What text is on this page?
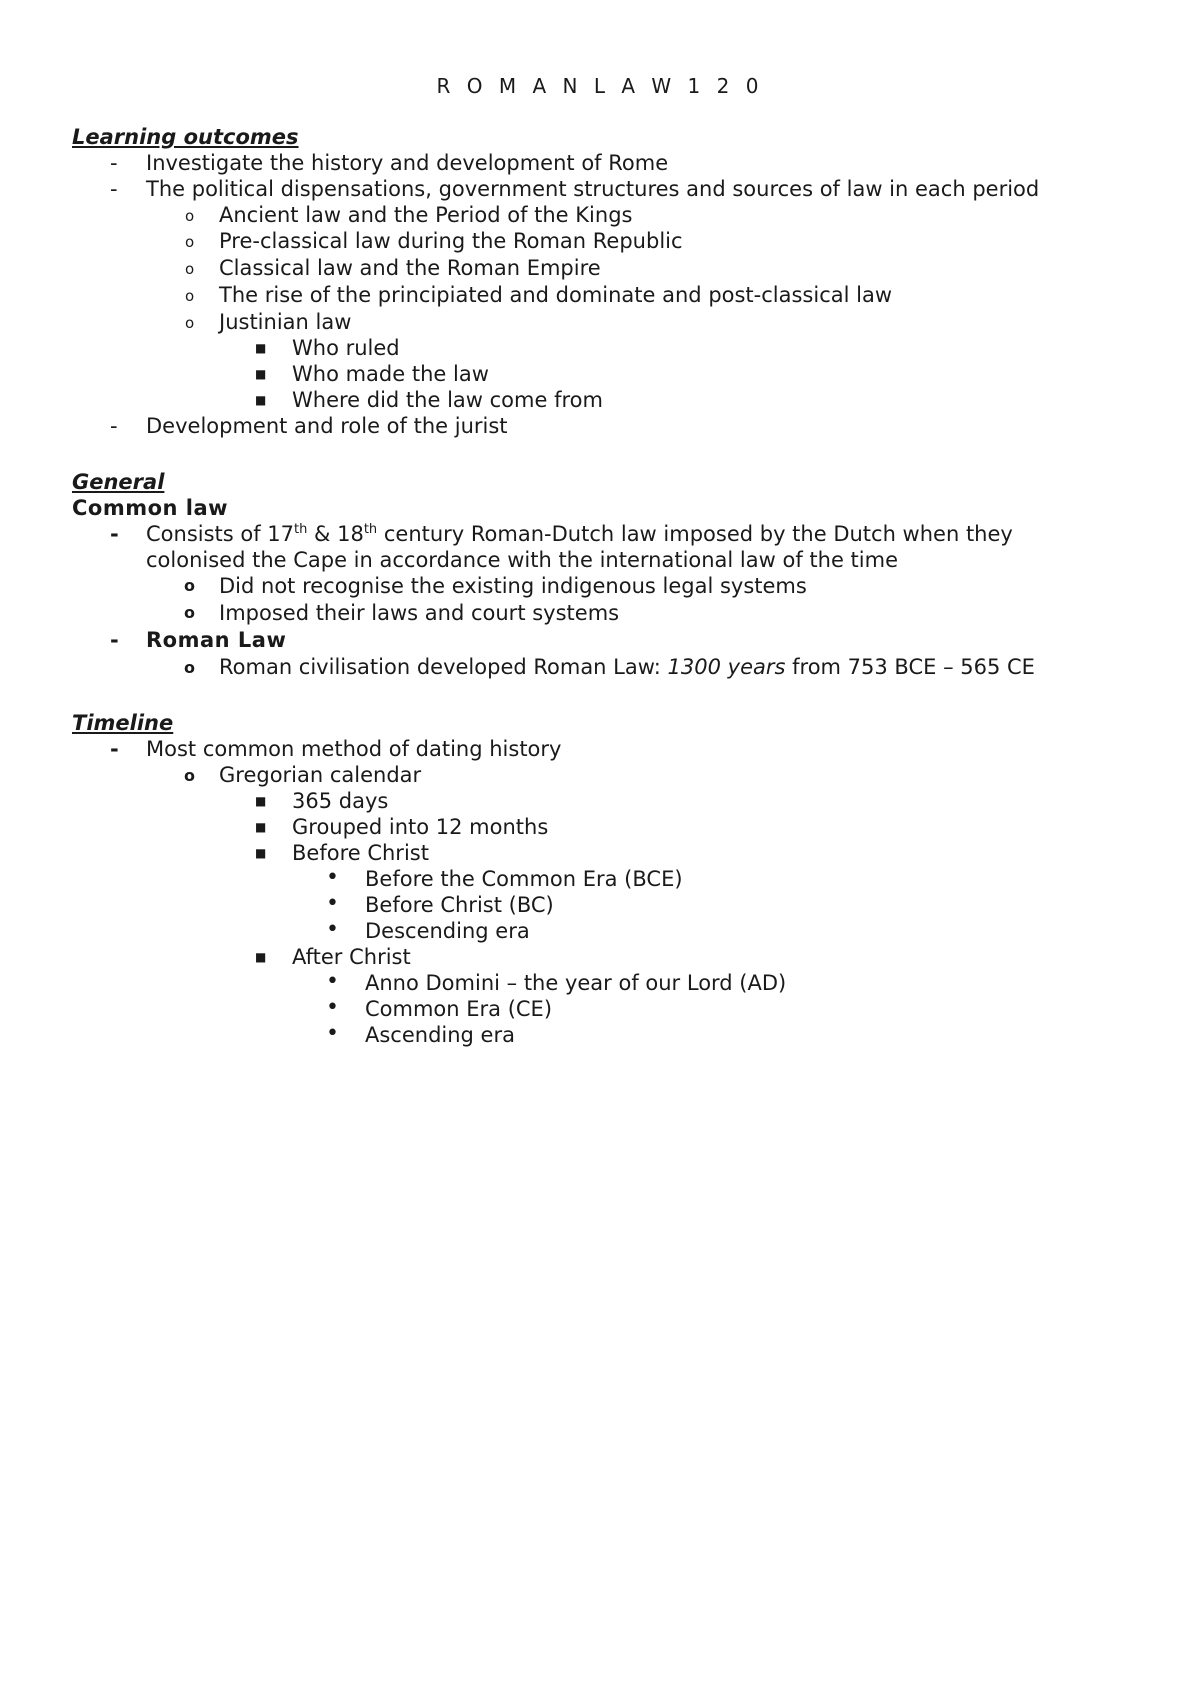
R O M A N L A W 1 2 0
Learning outcomes
- Investigate the history and development of Rome
- The political dispensations, government structures and sources of law in each period
o Ancient law and the Period of the Kings
o Pre-classical law during the Roman Republic
o Classical law and the Roman Empire
o The rise of the principiated and dominate and post-classical law
o Justinian law
■ Who ruled
■ Who made the law
■ Where did the law come from
- Development and role of the jurist
General
Common law
- Consists of 17th & 18th century Roman-Dutch law imposed by the Dutch when they
colonised the Cape in accordance with the international law of the time
o Did not recognise the existing indigenous legal systems
o Imposed their laws and court systems
- Roman Law
o Roman civilisation developed Roman Law: 1300 years from 753 BCE – 565 CE
Timeline
- Most common method of dating history
o Gregorian calendar
■ 365 days
■ Grouped into 12 months
■ Before Christ
• Before the Common Era (BCE)
• Before Christ (BC)
• Descending era
■ After Christ
• Anno Domini – the year of our Lord (AD)
• Common Era (CE)
• Ascending era
